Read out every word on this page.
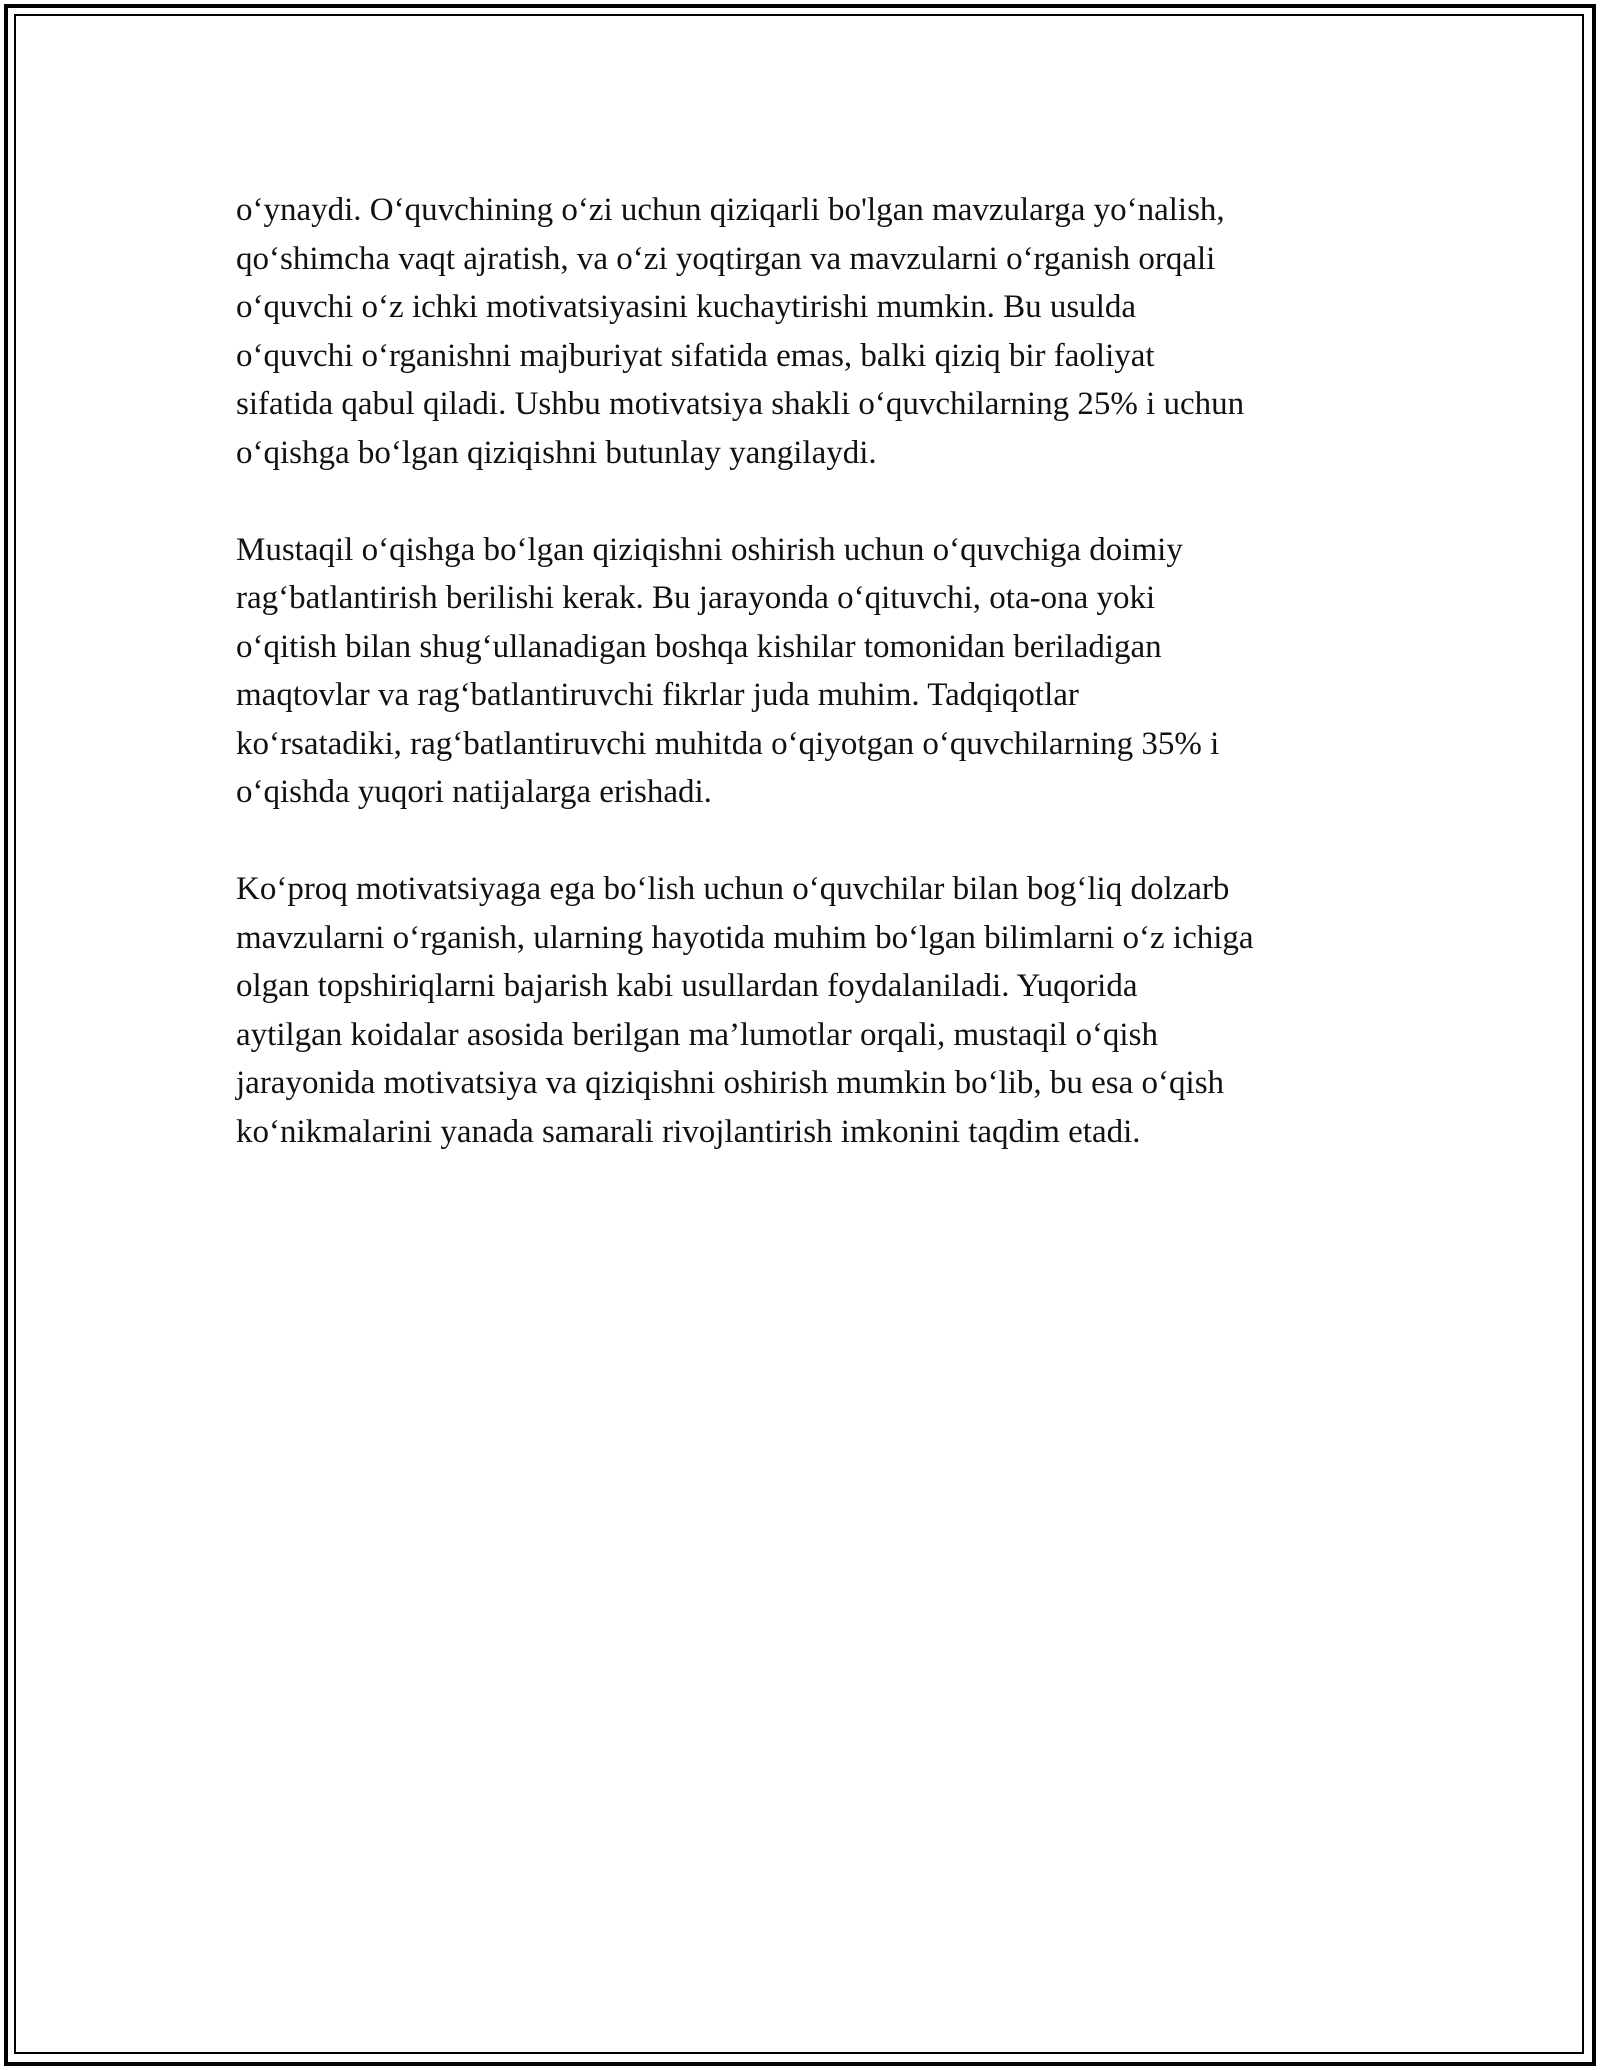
o‘ynaydi. O‘quvchining o‘zi uchun qiziqarli bo'lgan mavzularga yo‘nalish,
qo‘shimcha vaqt ajratish, va o‘zi yoqtirgan va mavzularni o‘rganish orqali
o‘quvchi o‘z ichki motivatsiyasini kuchaytirishi mumkin. Bu usulda
o‘quvchi o‘rganishni majburiyat sifatida emas, balki qiziq bir faoliyat
sifatida qabul qiladi. Ushbu motivatsiya shakli o‘quvchilarning 25% i uchun
o‘qishga bo‘lgan qiziqishni butunlay yangilaydi.

Mustaqil o‘qishga bo‘lgan qiziqishni oshirish uchun o‘quvchiga doimiy
rag‘batlantirish berilishi kerak. Bu jarayonda o‘qituvchi, ota-ona yoki
o‘qitish bilan shug‘ullanadigan boshqa kishilar tomonidan beriladigan
maqtovlar va rag‘batlantiruvchi fikrlar juda muhim. Tadqiqotlar
ko‘rsatadiki, rag‘batlantiruvchi muhitda o‘qiyotgan o‘quvchilarning 35% i
o‘qishda yuqori natijalarga erishadi.

Ko‘proq motivatsiyaga ega bo‘lish uchun o‘quvchilar bilan bog‘liq dolzarb
mavzularni o‘rganish, ularning hayotida muhim bo‘lgan bilimlarni o‘z ichiga
olgan topshiriqlarni bajarish kabi usullardan foydalaniladi. Yuqorida
aytilgan koidalar asosida berilgan ma’lumotlar orqali, mustaqil o‘qish
jarayonida motivatsiya va qiziqishni oshirish mumkin bo‘lib, bu esa o‘qish
ko‘nikmalarini yanada samarali rivojlantirish imkonini taqdim etadi.
